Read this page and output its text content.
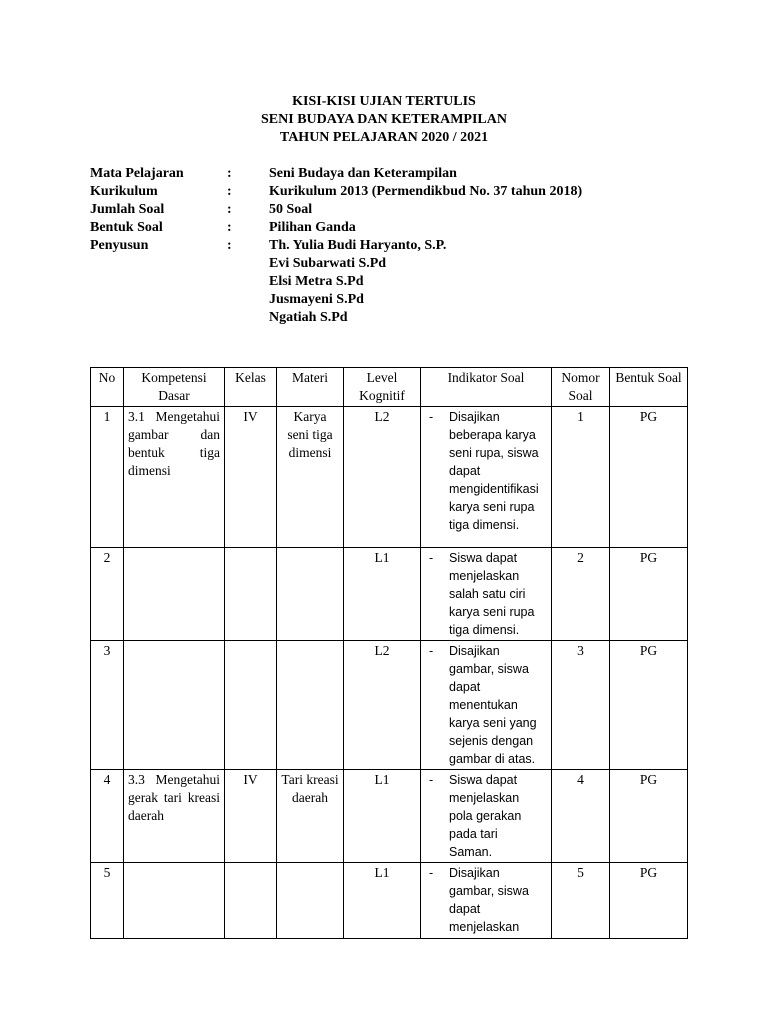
KISI-KISI UJIAN TERTULIS
SENI BUDAYA DAN KETERAMPILAN
TAHUN PELAJARAN 2020 / 2021
Mata Pelajaran	:	Seni Budaya dan Keterampilan
Kurikulum	:	Kurikulum 2013 (Permendikbud No. 37 tahun 2018)
Jumlah Soal	:	50 Soal
Bentuk Soal	:	Pilihan Ganda
Penyusun	:	Th. Yulia Budi Haryanto, S.P.
Evi Subarwati S.Pd
Elsi Metra S.Pd
Jusmayeni S.Pd
Ngatiah S.Pd
No	Kompetensi Dasar	Kelas	Materi	Level Kognitif	Indikator Soal	Nomor Soal	Bentuk Soal
1	3.1 Mengetahui gambar dan bentuk tiga dimensi	IV	Karya seni tiga dimensi	L2	- Disajikan beberapa karya seni rupa, siswa dapat mengidentifikasi karya seni rupa tiga dimensi.	1	PG
2				L1	- Siswa dapat menjelaskan salah satu ciri karya seni rupa tiga dimensi.	2	PG
3				L2	- Disajikan gambar, siswa dapat menentukan karya seni yang sejenis dengan gambar di atas.	3	PG
4	3.3 Mengetahui gerak tari kreasi daerah	IV	Tari kreasi daerah	L1	- Siswa dapat menjelaskan pola gerakan pada tari Saman.	4	PG
5				L1	- Disajikan gambar, siswa dapat menjelaskan	5	PG
